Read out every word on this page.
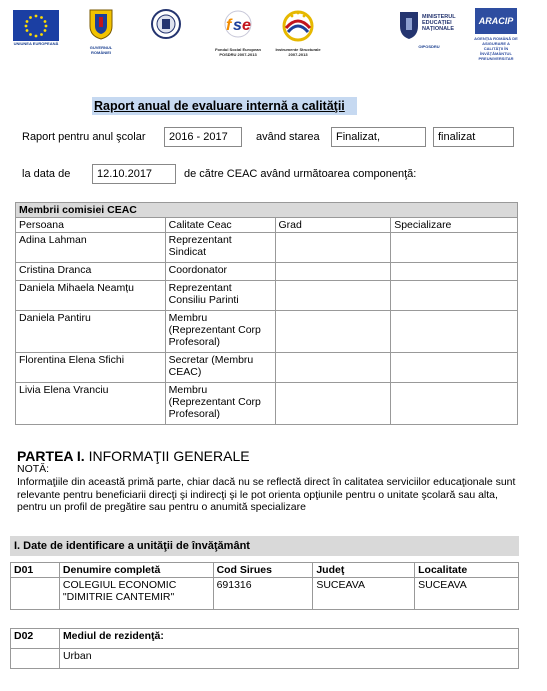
UNIUNEA EUROPEANĂ
GUVERNUL ROMÂNIEI
f s e
Fondul Social European POSDRU 2007-2013
Instrumente Structurale 2007-2013
MINISTERUL EDUCAȚIEI NAȚIONALE
OIPOSDRU
ARACIP
AGENȚIA ROMÂNĂ DE ASIGURARE A CALITĂȚII ÎN ÎNVĂȚĂMÂNTUL PREUNIVERSITAR
Raport anual de evaluare internă a calităţii
Raport pentru anul şcolar	2016 - 2017	având starea	Finalizat,	finalizat
la data de	12.10.2017	de către CEAC având următoarea componenţă:
Membrii comisiei CEAC			
Persoana	Calitate Ceac	Grad	Specializare
Adina Lahman	Reprezentant Sindicat		
Cristina Dranca	Coordonator		
Daniela Mihaela Neamțu	Reprezentant Consiliu Parinti		
Daniela Pantiru	Membru (Reprezentant Corp Profesoral)		
Florentina Elena Sfichi	Secretar (Membru CEAC)		
Livia Elena Vranciu	Membru (Reprezentant Corp Profesoral)		
PARTEA I. INFORMAŢII GENERALE
NOTĂ:
Informaţiile din această primă parte, chiar dacă nu se reflectă direct în calitatea serviciilor educaţionale sunt relevante pentru beneficiarii direcţi şi indirecţi şi le pot orienta opţiunile pentru o unitate şcolară sau alta, pentru un profil de pregătire sau pentru o anumită specializare
I. Date de identificare a unităţii de învăţământ
D01	Denumire completă	Cod Sirues	Judeţ	Localitate
	COLEGIUL ECONOMIC "DIMITRIE CANTEMIR"	691316	SUCEAVA	SUCEAVA
D02	Mediul de rezidenţă:
	Urban
